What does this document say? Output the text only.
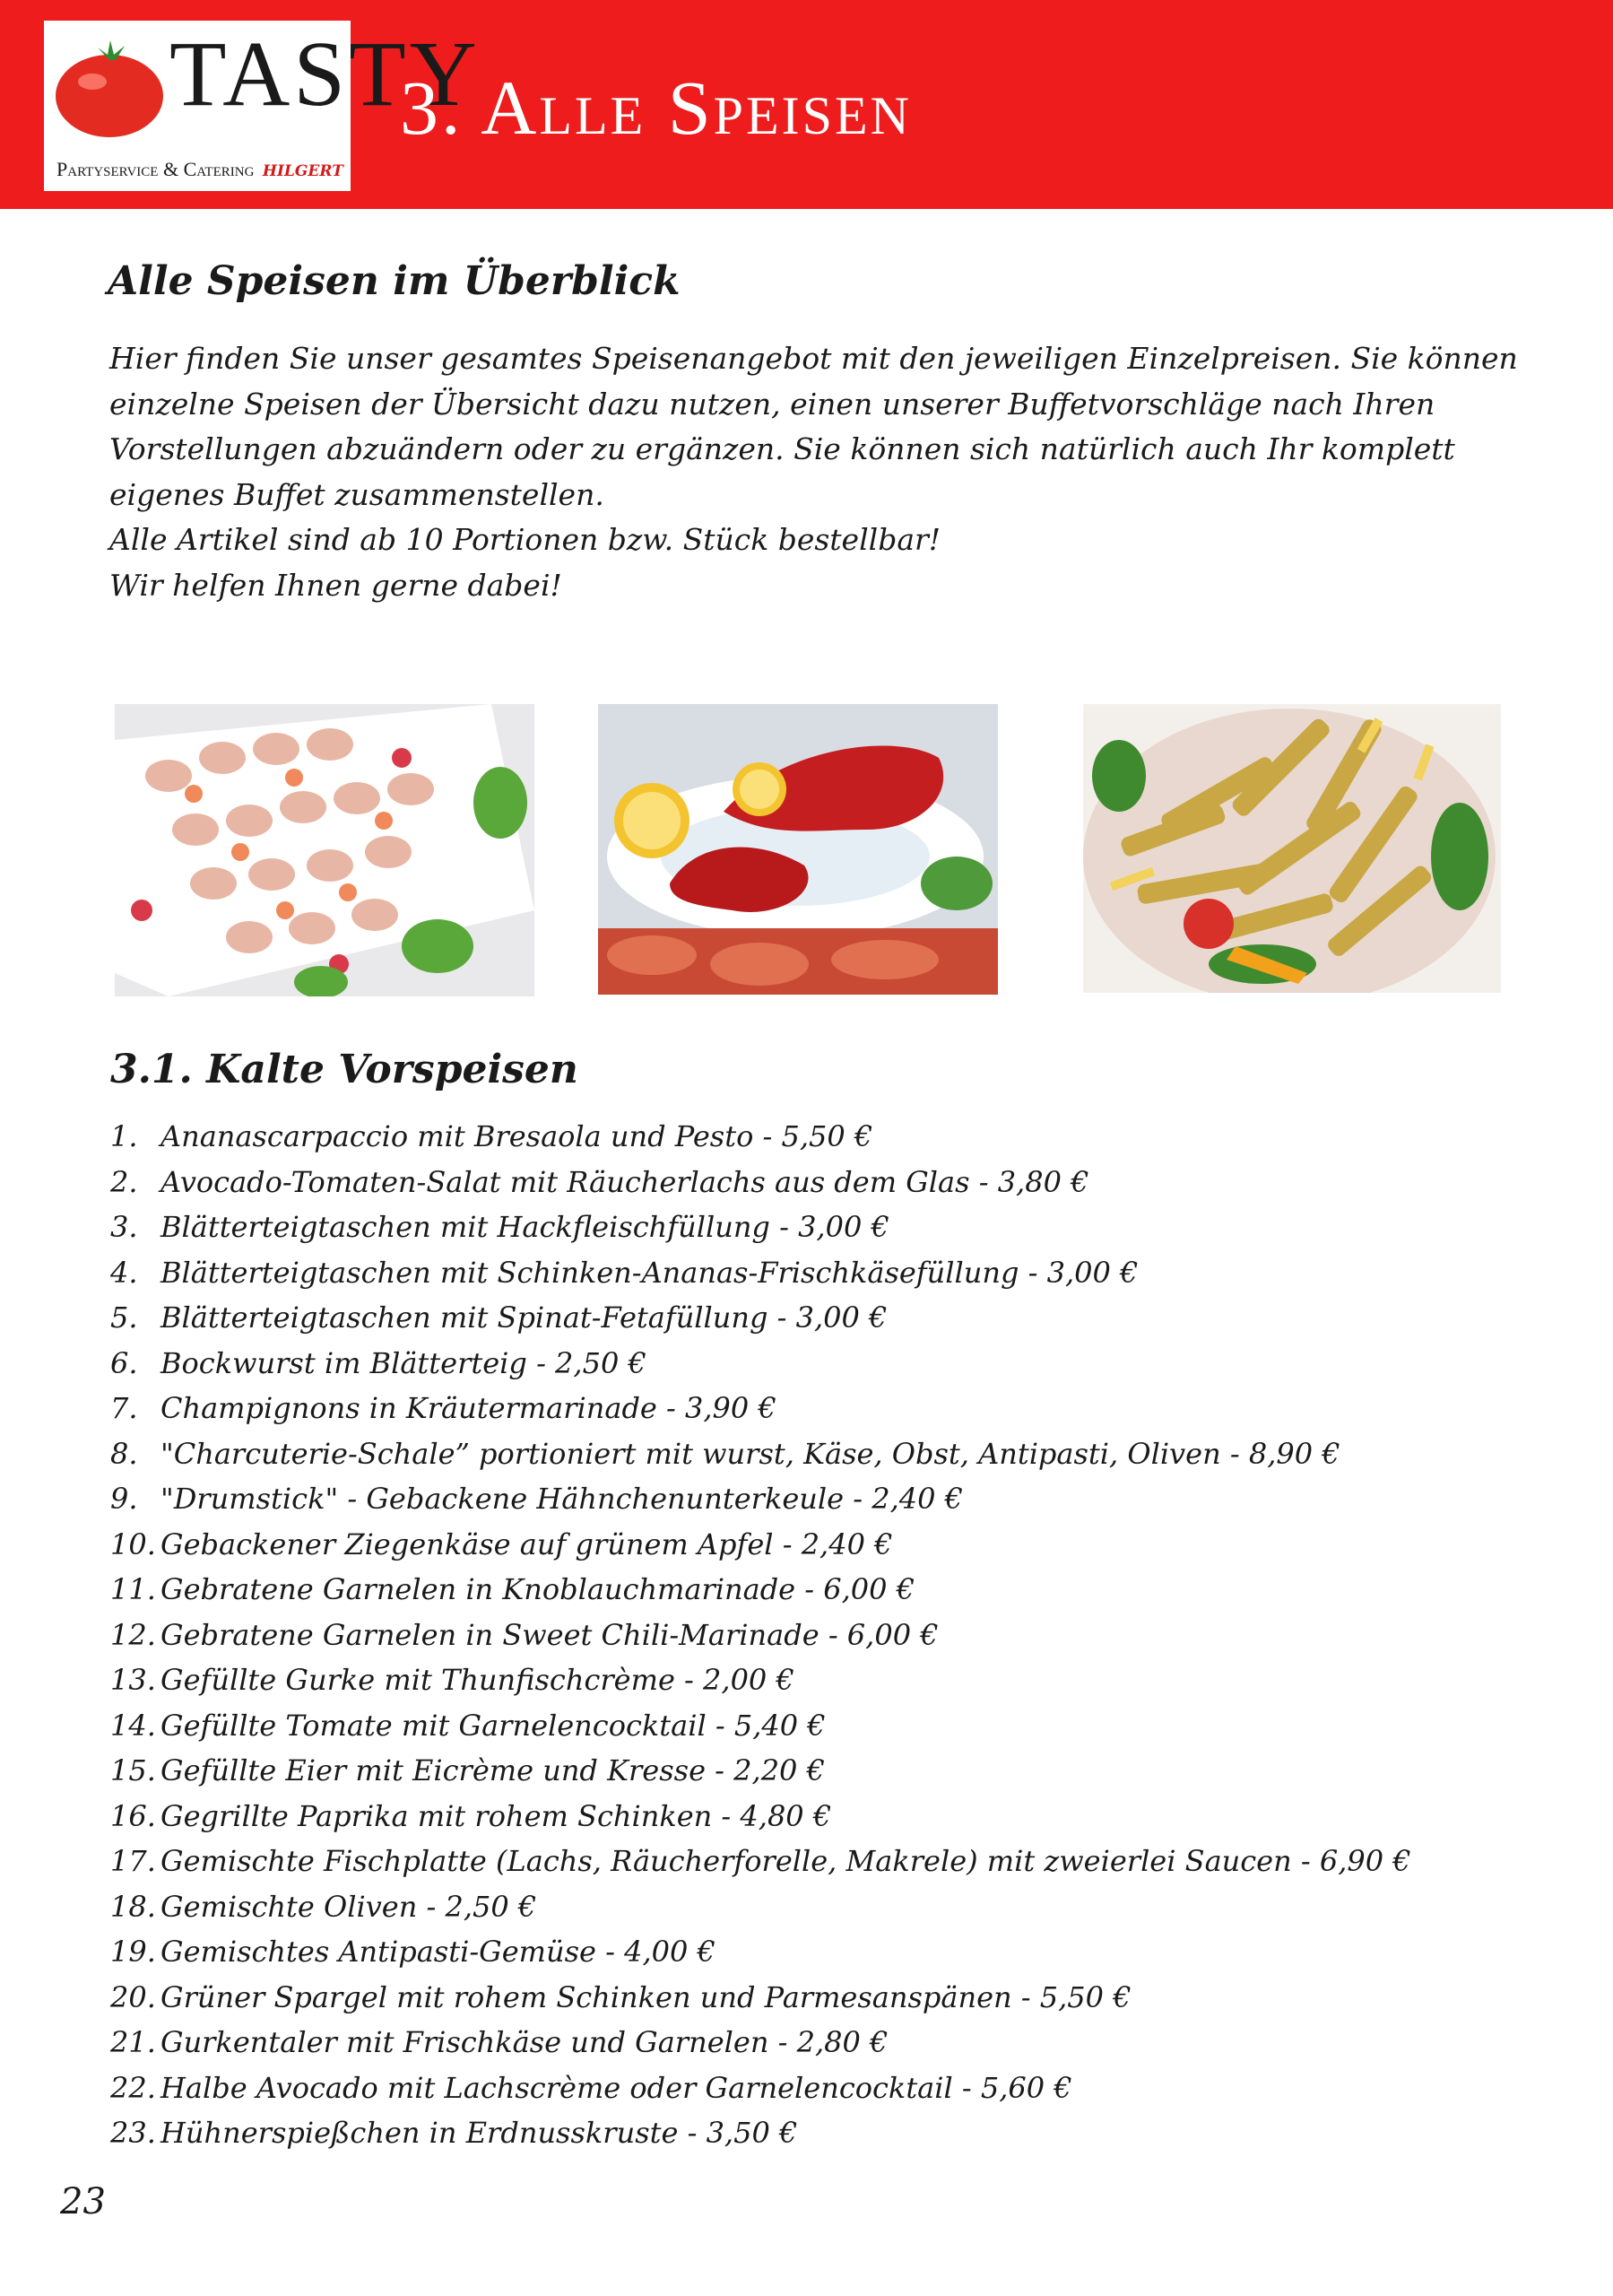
TASTY
Partyservice & Catering hilgert
3. Alle Speisen
Alle Speisen im Überblick

Hier finden Sie unser gesamtes Speisenangebot mit den jeweiligen Einzelpreisen. Sie können einzelne Speisen der Übersicht dazu nutzen, einen unserer Buffetvorschläge nach Ihren Vorstellungen abzuändern oder zu ergänzen. Sie können sich natürlich auch Ihr komplett eigenes Buffet zusammenstellen.

Alle Artikel sind ab 10 Portionen bzw. Stück bestellbar!

Wir helfen Ihnen gerne dabei!

3.1. Kalte Vorspeisen
1. Ananascarpaccio mit Bresaola und Pesto - 5,50 €
2. Avocado-Tomaten-Salat mit Räucherlachs aus dem Glas - 3,80 €
3. Blätterteigtaschen mit Hackfleischfüllung - 3,00 €
4. Blätterteigtaschen mit Schinken-Ananas-Frischkäsefüllung - 3,00 €
5. Blätterteigtaschen mit Spinat-Fetafüllung - 3,00 €
6. Bockwurst im Blätterteig - 2,50 €
7. Champignons in Kräutermarinade - 3,90 €
8. "Charcuterie-Schale” portioniert mit wurst, Käse, Obst, Antipasti, Oliven - 8,90 €
9. "Drumstick" - Gebackene Hähnchenunterkeule - 2,40 €
10. Gebackener Ziegenkäse auf grünem Apfel - 2,40 €
11. Gebratene Garnelen in Knoblauchmarinade - 6,00 €
12. Gebratene Garnelen in Sweet Chili-Marinade - 6,00 €
13. Gefüllte Gurke mit Thunfischcrème - 2,00 €
14. Gefüllte Tomate mit Garnelencocktail - 5,40 €
15. Gefüllte Eier mit Eicrème und Kresse - 2,20 €
16. Gegrillte Paprika mit rohem Schinken - 4,80 €
17. Gemischte Fischplatte (Lachs, Räucherforelle, Makrele) mit zweierlei Saucen - 6,90 €
18. Gemischte Oliven - 2,50 €
19. Gemischtes Antipasti-Gemüse - 4,00 €
20. Grüner Spargel mit rohem Schinken und Parmesanspänen - 5,50 €
21. Gurkentaler mit Frischkäse und Garnelen - 2,80 €
22. Halbe Avocado mit Lachscrème oder Garnelencocktail - 5,60 €
23. Hühnerspießchen in Erdnusskruste - 3,50 €
23
